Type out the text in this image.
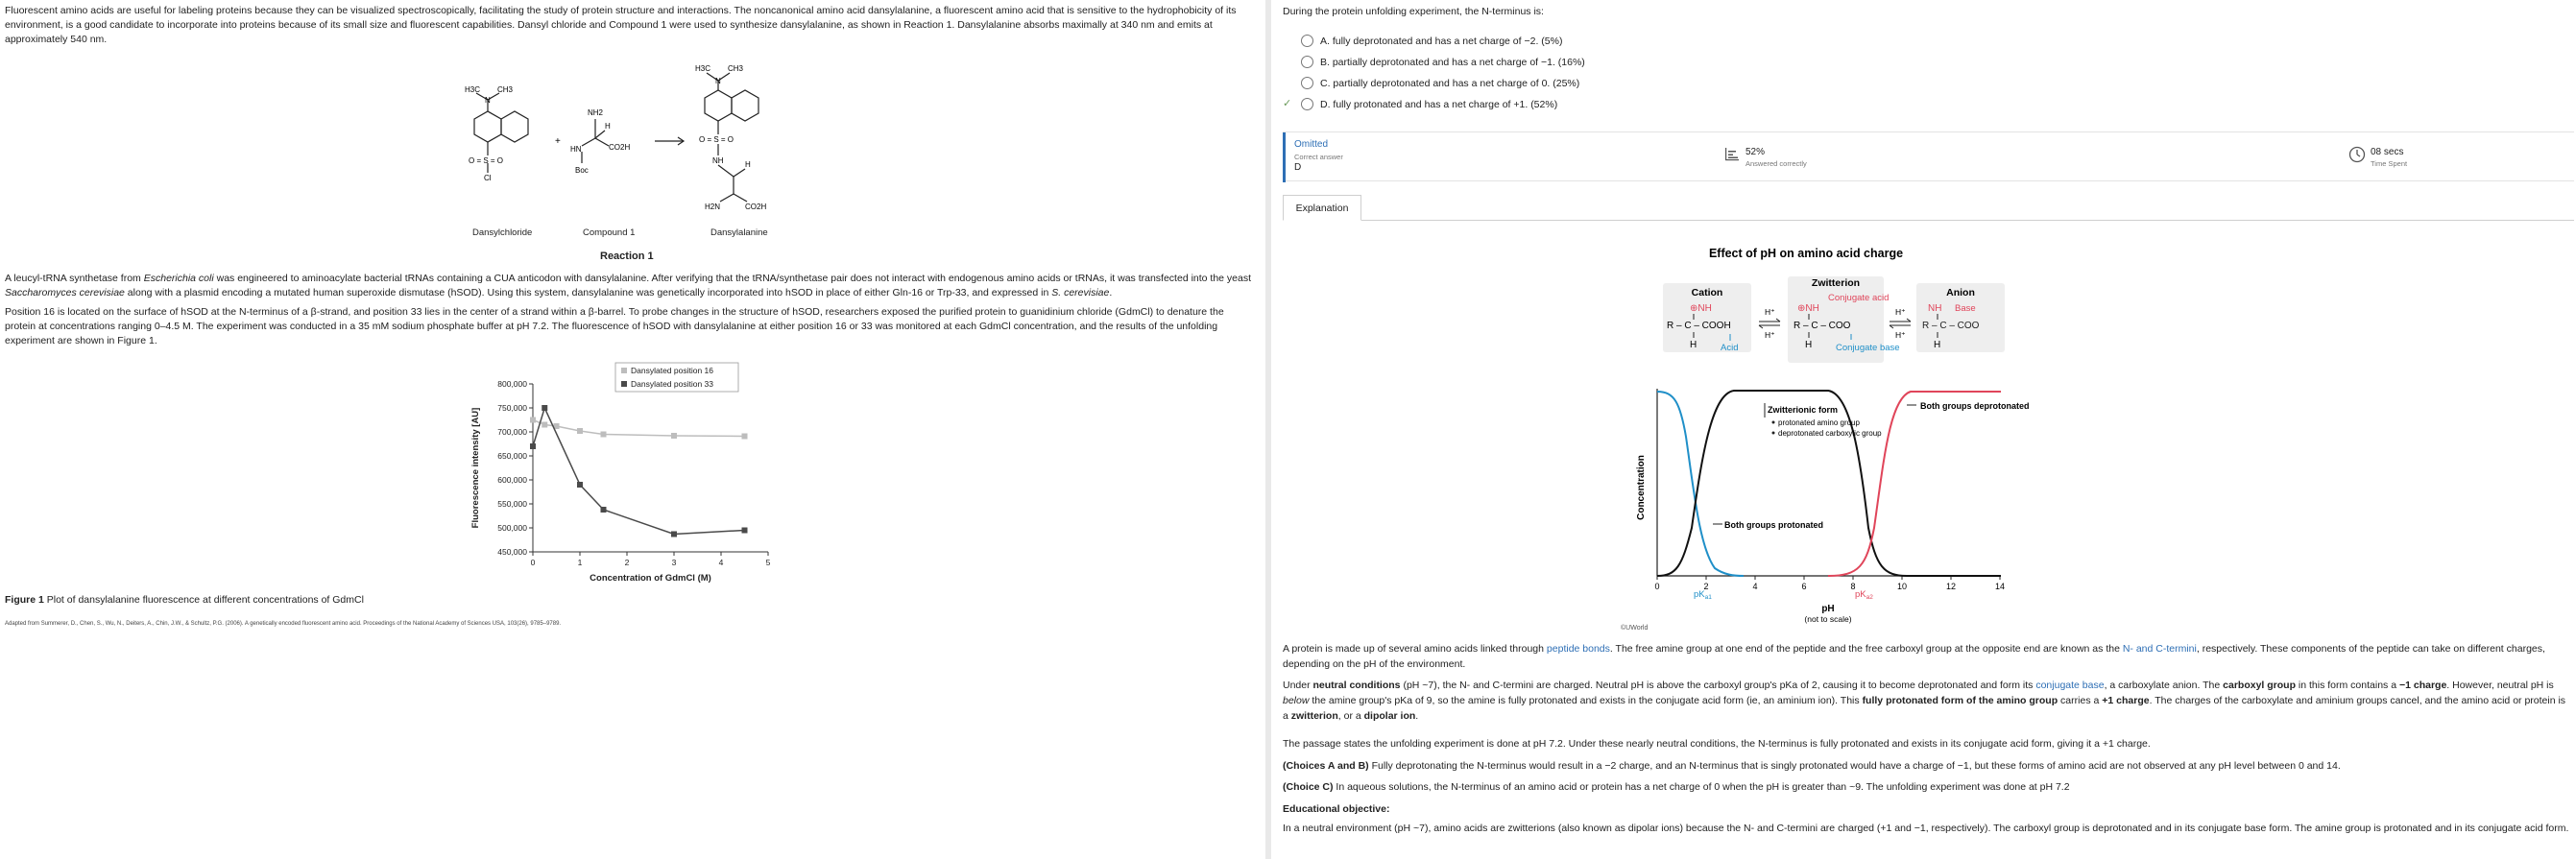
Fluorescent amino acids are useful for labeling proteins because they can be visualized spectroscopically, facilitating the study of protein structure and interactions. The noncanonical amino acid dansylalanine, a fluorescent amino acid that is sensitive to the hydrophobicity of its environment, is a good candidate to incorporate into proteins because of its small size and fluorescent capabilities. Dansyl chloride and Compound 1 were used to synthesize dansylalanine, as shown in Reaction 1. Dansylalanine absorbs maximally at 340 nm and emits at approximately 540 nm.

H3C CH3
N
O = S = O
Cl
+
NH2
H
HN	CO2H
Boc
H3C CH3
N
O = S = O
NH	H
H2N	CO2H
Dansylchloride	Compound 1	Dansylalanine
Reaction 1

A leucyl-tRNA synthetase from Escherichia coli was engineered to aminoacylate bacterial tRNAs containing a CUA anticodon with dansylalanine. After verifying that the tRNA/synthetase pair does not interact with endogenous amino acids or tRNAs, it was transfected into the yeast Saccharomyces cerevisiae along with a plasmid encoding a mutated human superoxide dismutase (hSOD). Using this system, dansylalanine was genetically incorporated into hSOD in place of either Gln-16 or Trp-33, and expressed in S. cerevisiae.

Position 16 is located on the surface of hSOD at the N-terminus of a β-strand, and position 33 lies in the center of a strand within a β-barrel. To probe changes in the structure of hSOD, researchers exposed the purified protein to guanidinium chloride (GdmCl) to denature the protein at concentrations ranging 0–4.5 M. The experiment was conducted in a 35 mM sodium phosphate buffer at pH 7.2. The fluorescence of hSOD with dansylalanine at either position 16 or 33 was monitored at each GdmCl concentration, and the results of the unfolding experiment are shown in Figure 1.

450,000
500,000
550,000
600,000
650,000
700,000
750,000
800,000
0	1	2	3	4	5
Concentration of GdmCl (M)
Fluorescence intensity [AU]
Dansylated position 16
Dansylated position 33

Figure 1 Plot of dansylalanine fluorescence at different concentrations of GdmCl

Adapted from Summerer, D., Chen, S., Wu, N., Deiters, A., Chin, J.W., & Schultz, P.G. (2006). A genetically encoded fluorescent amino acid. Proceedings of the National Academy of Sciences USA, 103(26), 9785–9789.

During the protein unfolding experiment, the N-terminus is:
A. fully deprotonated and has a net charge of −2. (5%)
B. partially deprotonated and has a net charge of −1. (16%)
C. partially deprotonated and has a net charge of 0. (25%)
✓	D. fully protonated and has a net charge of +1. (52%)
Omitted
Correct answer
D
52%
Answered correctly
08 secs
Time Spent
Explanation
Effect of pH on amino acid charge
Cation
Zwitterion
Anion
⊕NH
R – C – COOH
H	Acid
Conjugate acid
⊕NH
R – C – COO
H	Conjugate base
NH Base
R – C – COO
H
H⁺
H⁺
H⁺
H⁺
0	2	4	6	8	10	12	14
Concentration
pH
(not to scale)
$pK_{a1}$	$pK_{a2}$
Zwitterionic form
protonated amino group
deprotonated carboxylic group
Both groups deprotonated
Both groups protonated
©UWorld

A protein is made up of several amino acids linked through peptide bonds. The free amine group at one end of the peptide and the free carboxyl group at the opposite end are known as the N- and C-termini, respectively. These components of the peptide can take on different charges, depending on the pH of the environment.

Under neutral conditions (pH ~7), the N- and C-termini are charged. Neutral pH is above the carboxyl group's pKa of 2, causing it to become deprotonated and form its conjugate base, a carboxylate anion. The carboxyl group in this form contains a −1 charge. However, neutral pH is below the amine group's pKa of 9, so the amine is fully protonated and exists in the conjugate acid form (ie, an aminium ion). This fully protonated form of the amino group carries a +1 charge. The charges of the carboxylate and aminium groups cancel, and the amino acid or protein is a zwitterion, or a dipolar ion.

The passage states the unfolding experiment is done at pH 7.2. Under these nearly neutral conditions, the N-terminus is fully protonated and exists in its conjugate acid form, giving it a +1 charge.

(Choices A and B) Fully deprotonating the N-terminus would result in a −2 charge, and an N-terminus that is singly protonated would have a charge of −1, but these forms of amino acid are not observed at any pH level between 0 and 14.

(Choice C) In aqueous solutions, the N-terminus of an amino acid or protein has a net charge of 0 when the pH is greater than ~9. The unfolding experiment was done at pH 7.2

Educational objective:

In a neutral environment (pH ~7), amino acids are zwitterions (also known as dipolar ions) because the N- and C-termini are charged (+1 and −1, respectively). The carboxyl group is deprotonated and in its conjugate base form. The amine group is protonated and in its conjugate acid form.
